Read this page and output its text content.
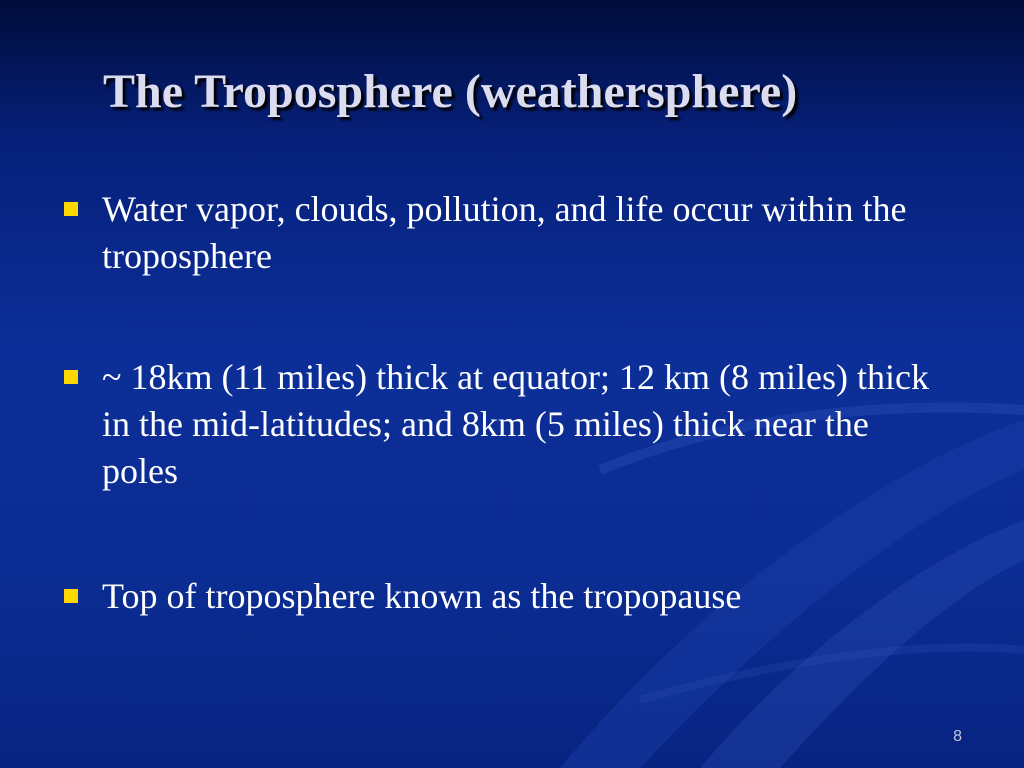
The Troposphere (weathersphere)

Water vapor, clouds, pollution, and life occur within the troposphere

~ 18km (11 miles) thick at equator; 12 km (8 miles) thick in the mid-latitudes; and 8km (5 miles) thick near the poles

Top of troposphere known as the tropopause

8
